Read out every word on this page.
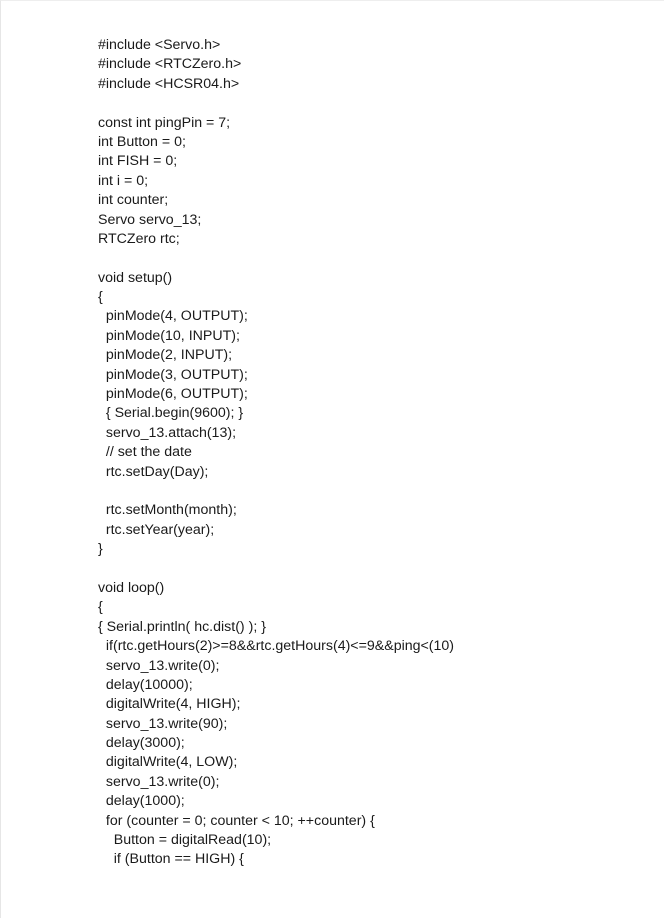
#include <Servo.h>
#include <RTCZero.h>
#include <HCSR04.h>
const int pingPin = 7;
int Button = 0;
int FISH = 0;
int i = 0;
int counter;
Servo servo_13;
RTCZero rtc;
void setup()
{
pinMode(4, OUTPUT);
pinMode(10, INPUT);
pinMode(2, INPUT);
pinMode(3, OUTPUT);
pinMode(6, OUTPUT);
{ Serial.begin(9600); }
servo_13.attach(13);
// set the date
rtc.setDay(Day);
rtc.setMonth(month);
rtc.setYear(year);
}
void loop()
{
{ Serial.println( hc.dist() ); }
if(rtc.getHours(2)>=8&&rtc.getHours(4)<=9&&ping<(10)
servo_13.write(0);
delay(10000);
digitalWrite(4, HIGH);
servo_13.write(90);
delay(3000);
digitalWrite(4, LOW);
servo_13.write(0);
delay(1000);
for (counter = 0; counter < 10; ++counter) {
Button = digitalRead(10);
if (Button == HIGH) {
